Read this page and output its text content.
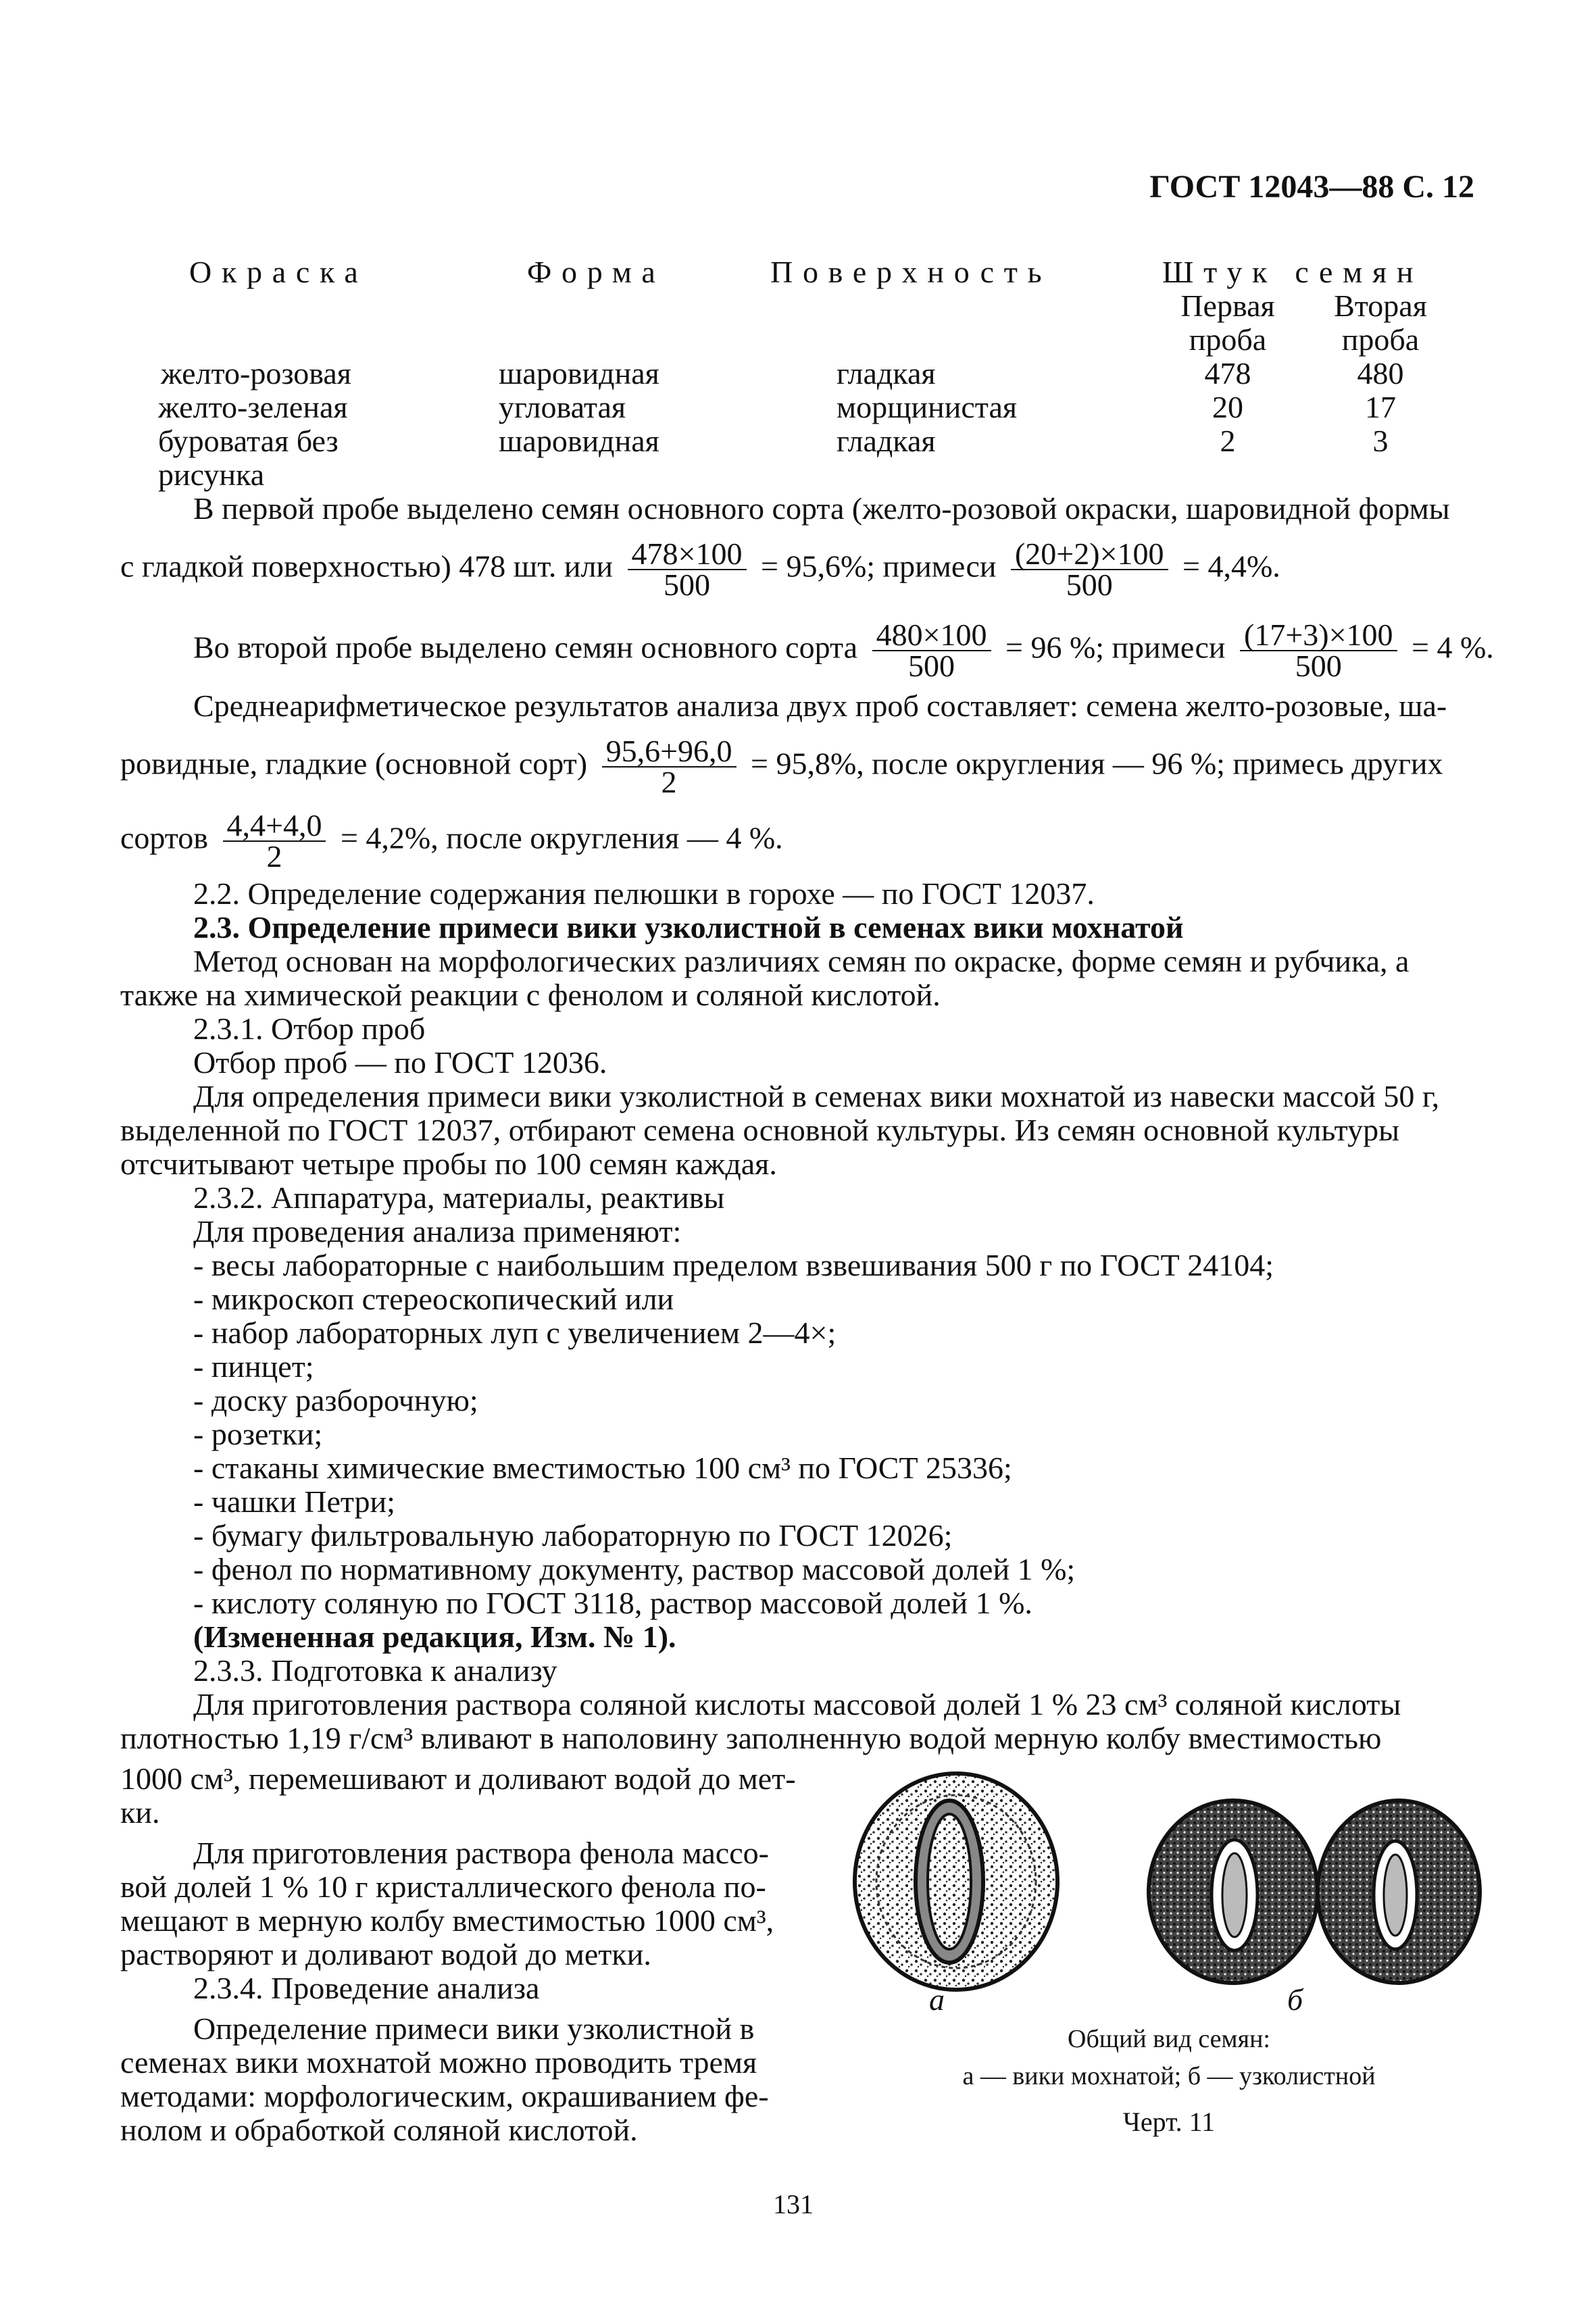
ГОСТ 12043—88 С. 12
Окраска	Форма	Поверхность	Штук семян
Первая
проба
Вторая
проба
желто-розовая	шаровидная	гладкая	478	480
желто-зеленая	угловатая	морщинистая	20	17
буроватая без	шаровидная	гладкая	2	3
рисунка
В первой пробе выделено семян основного сорта (желто-розовой окраски, шаровидной формы
с гладкой поверхностью) 478 шт. или $\frac{478\times 100}{500} = 95,6\%$; примеси $\frac{(20+2)\times 100}{500} = 4,4\%$.
Во второй пробе выделено семян основного сорта $\frac{480\times 100}{500} = 96$ %; примеси $\frac{(17+3)\times 100}{500} = 4$ %.
Среднеарифметическое результатов анализа двух проб составляет: семена желто-розовые, ша-
ровидные, гладкие (основной сорт) $\frac{95,6+96,0}{2} = 95,8\%$, после округления — 96 %; примесь других
сортов $\frac{4,4+4,0}{2} = 4,2\%$, после округления — 4 %.
2.2. Определение содержания пелюшки в горохе — по ГОСТ 12037.
2.3. Определение примеси вики узколистной в семенах вики мохнатой
Метод основан на морфологических различиях семян по окраске, форме семян и рубчика, а
также на химической реакции с фенолом и соляной кислотой.
2.3.1. Отбор проб
Отбор проб — по ГОСТ 12036.
Для определения примеси вики узколистной в семенах вики мохнатой из навески массой 50 г,
выделенной по ГОСТ 12037, отбирают семена основной культуры. Из семян основной культуры
отсчитывают четыре пробы по 100 семян каждая.
2.3.2. Аппаратура, материалы, реактивы
Для проведения анализа применяют:
- весы лабораторные с наибольшим пределом взвешивания 500 г по ГОСТ 24104;
- микроскоп стереоскопический или
- набор лабораторных луп с увеличением 2—4×;
- пинцет;
- доску разборочную;
- розетки;
- стаканы химические вместимостью 100 см³ по ГОСТ 25336;
- чашки Петри;
- бумагу фильтровальную лабораторную по ГОСТ 12026;
- фенол по нормативному документу, раствор массовой долей 1 %;
- кислоту соляную по ГОСТ 3118, раствор массовой долей 1 %.
(Измененная редакция, Изм. № 1).
2.3.3. Подготовка к анализу
Для приготовления раствора соляной кислоты массовой долей 1 % 23 см³ соляной кислоты
плотностью 1,19 г/см³ вливают в наполовину заполненную водой мерную колбу вместимостью
1000 см³, перемешивают и доливают водой до мет-
ки.
Для приготовления раствора фенола массо-
вой долей 1 % 10 г кристаллического фенола по-
мещают в мерную колбу вместимостью 1000 см³,
растворяют и доливают водой до метки.
2.3.4. Проведение анализа
Определение примеси вики узколистной в
семенах вики мохнатой можно проводить тремя
методами: морфологическим, окрашиванием фе-
нолом и обработкой соляной кислотой.
а	б
Общий вид семян:
а — вики мохнатой; б — узколистной
Черт. 11
131
